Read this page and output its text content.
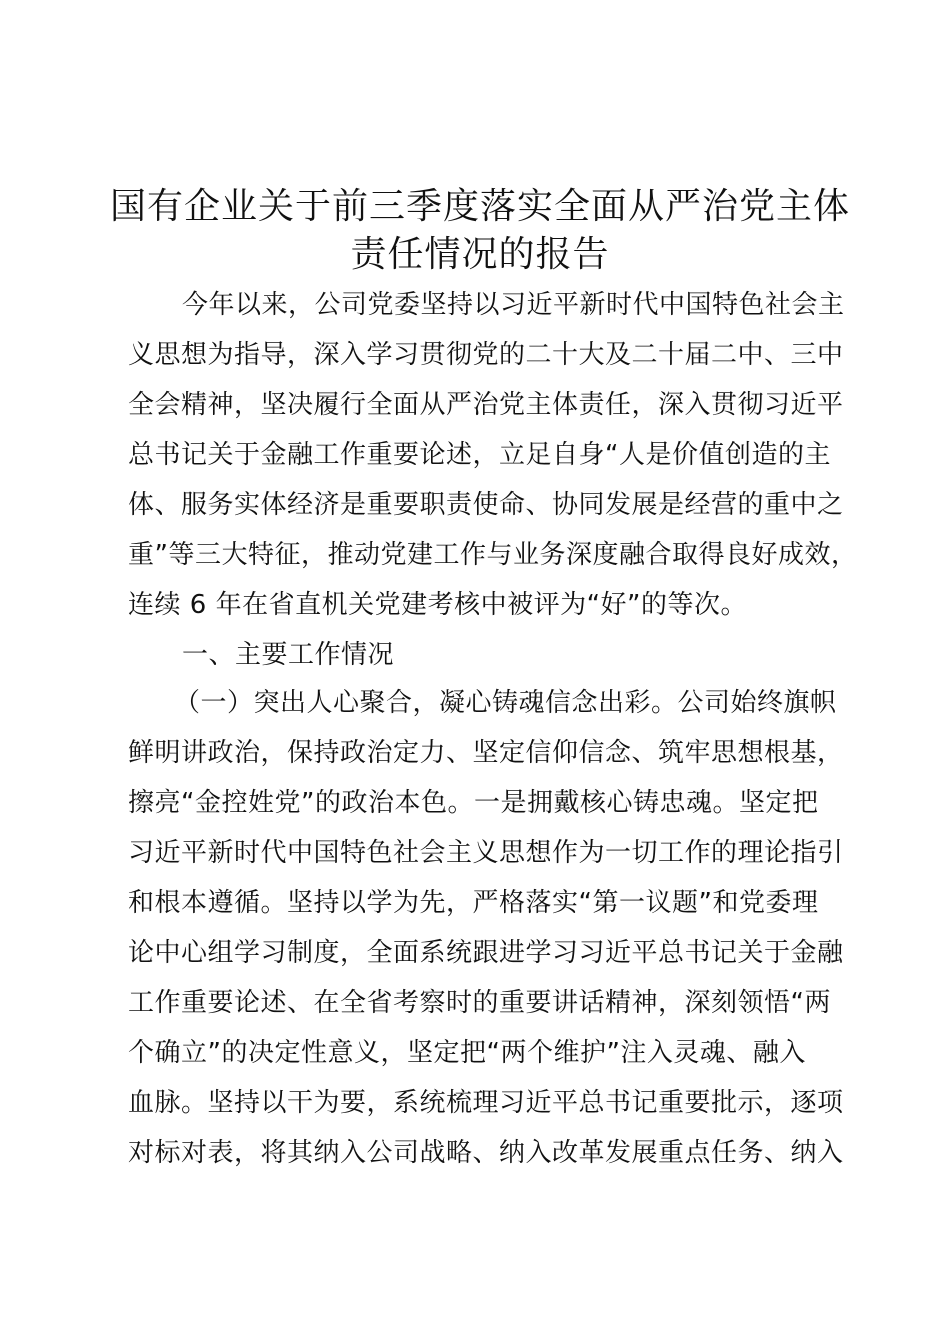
国有企业关于前三季度落实全面从严治党主体
责任情况的报告
今年以来，公司党委坚持以习近平新时代中国特色社会主
义思想为指导，深入学习贯彻党的二十大及二十届二中、三中
全会精神，坚决履行全面从严治党主体责任，深入贯彻习近平
总书记关于金融工作重要论述，立足自身“人是价值创造的主
体、服务实体经济是重要职责使命、协同发展是经营的重中之
重”等三大特征，推动党建工作与业务深度融合取得良好成效，
连续 6 年在省直机关党建考核中被评为“好”的等次。
一、主要工作情况
（一）突出人心聚合，凝心铸魂信念出彩。公司始终旗帜
鲜明讲政治，保持政治定力、坚定信仰信念、筑牢思想根基，
擦亮“金控姓党”的政治本色。一是拥戴核心铸忠魂。坚定把
习近平新时代中国特色社会主义思想作为一切工作的理论指引
和根本遵循。坚持以学为先，严格落实“第一议题”和党委理
论中心组学习制度，全面系统跟进学习习近平总书记关于金融
工作重要论述、在全省考察时的重要讲话精神，深刻领悟“两
个确立”的决定性意义，坚定把“两个维护”注入灵魂、融入
血脉。坚持以干为要，系统梳理习近平总书记重要批示，逐项
对标对表，将其纳入公司战略、纳入改革发展重点任务、纳入
